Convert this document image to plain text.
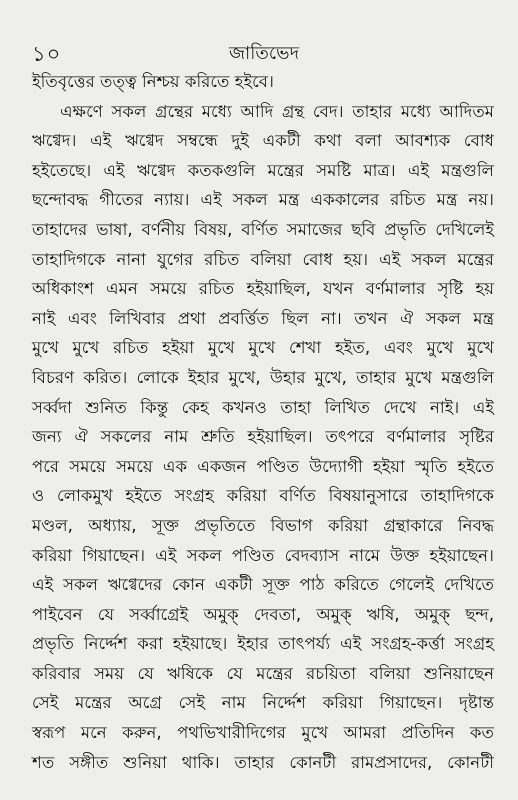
১০	জাতিভেদ
ইতিবৃত্তের তত্ত্ব নিশ্চয় করিতে হইবে।
এক্ষণে সকল গ্রন্থের মধ্যে আদি গ্রন্থ বেদ। তাহার মধ্যে আদিতম
ঋগ্বেদ। এই ঋগ্বেদ সম্বন্ধে দুই একটী কথা বলা আবশ্যক বোধ
হইতেছে। এই ঋগ্বেদ কতকগুলি মন্ত্রের সমষ্টি মাত্র। এই মন্ত্রগুলি
ছন্দোবদ্ধ গীতের ন্যায়। এই সকল মন্ত্র এককালের রচিত মন্ত্র নয়।
তাহাদের ভাষা, বর্ণনীয় বিষয়, বর্ণিত সমাজের ছবি প্রভৃতি দেখিলেই
তাহাদিগকে নানা যুগের রচিত বলিয়া বোধ হয়। এই সকল মন্ত্রের
অধিকাংশ এমন সময়ে রচিত হইয়াছিল, যখন বর্ণমালার সৃষ্টি হয়
নাই এবং লিখিবার প্রথা প্রবর্ত্তিত ছিল না। তখন ঐ সকল মন্ত্র
মুখে মুখে রচিত হইয়া মুখে মুখে শেখা হইত, এবং মুখে মুখে
বিচরণ করিত। লোকে ইহার মুখে, উহার মুখে, তাহার মুখে মন্ত্রগুলি
সর্ব্বদা শুনিত কিন্তু কেহ কখনও তাহা লিখিত দেখে নাই। এই
জন্য ঐ সকলের নাম শ্রুতি হইয়াছিল। তৎপরে বর্ণমালার সৃষ্টির
পরে সময়ে সময়ে এক একজন পণ্ডিত উদ্যোগী হইয়া স্মৃতি হইতে
ও লোকমুখ হইতে সংগ্রহ করিয়া বর্ণিত বিষয়ানুসারে তাহাদিগকে
মণ্ডল, অধ্যায়, সূক্ত প্রভৃতিতে বিভাগ করিয়া গ্রন্থাকারে নিবদ্ধ
করিয়া গিয়াছেন। এই সকল পণ্ডিত বেদব্যাস নামে উক্ত হইয়াছেন।
এই সকল ঋগ্বেদের কোন একটী সূক্ত পাঠ করিতে গেলেই দেখিতে
পাইবেন যে সর্ব্বাগ্রেই অমুক্ দেবতা, অমুক্ ঋষি, অমুক্ ছন্দ,
প্রভৃতি নির্দ্দেশ করা হইয়াছে। ইহার তাৎপর্য্য এই সংগ্রহ-কর্ত্তা সংগ্রহ
করিবার সময় যে ঋষিকে যে মন্ত্রের রচয়িতা বলিয়া শুনিয়াছেন
সেই মন্ত্রের অগ্রে সেই নাম নির্দ্দেশ করিয়া গিয়াছেন। দৃষ্টান্ত
স্বরূপ মনে করুন, পথভিখারীদিগের মুখে আমরা প্রতিদিন কত
শত সঙ্গীত শুনিয়া থাকি। তাহার কোনটী রামপ্রসাদের, কোনটী
